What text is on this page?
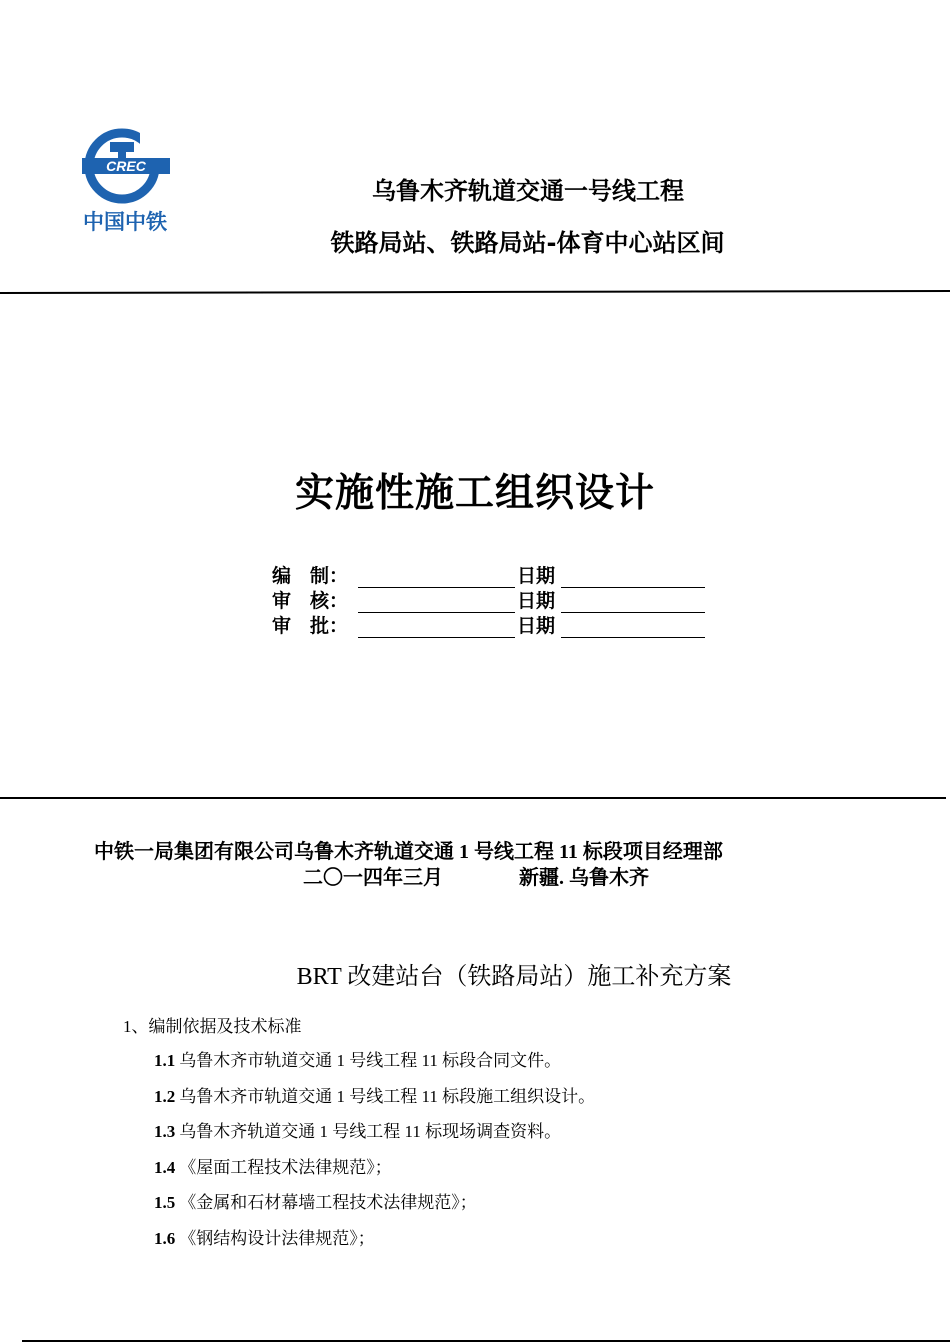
CREC
中国中铁
乌鲁木齐轨道交通一号线工程
铁路局站、铁路局站-体育中心站区间
实施性施工组织设计
编　制：	日期
审　核：	日期
审　批：	日期
中铁一局集团有限公司乌鲁木齐轨道交通 1 号线工程 11 标段项目经理部
二〇一四年三月	新疆. 乌鲁木齐
BRT 改建站台（铁路局站）施工补充方案
1、编制依据及技术标准
1.1 乌鲁木齐市轨道交通 1 号线工程 11 标段合同文件。
1.2 乌鲁木齐市轨道交通 1 号线工程 11 标段施工组织设计。
1.3 乌鲁木齐轨道交通 1 号线工程 11 标现场调查资料。
1.4 《屋面工程技术法律规范》；
1.5 《金属和石材幕墙工程技术法律规范》；
1.6 《钢结构设计法律规范》；
